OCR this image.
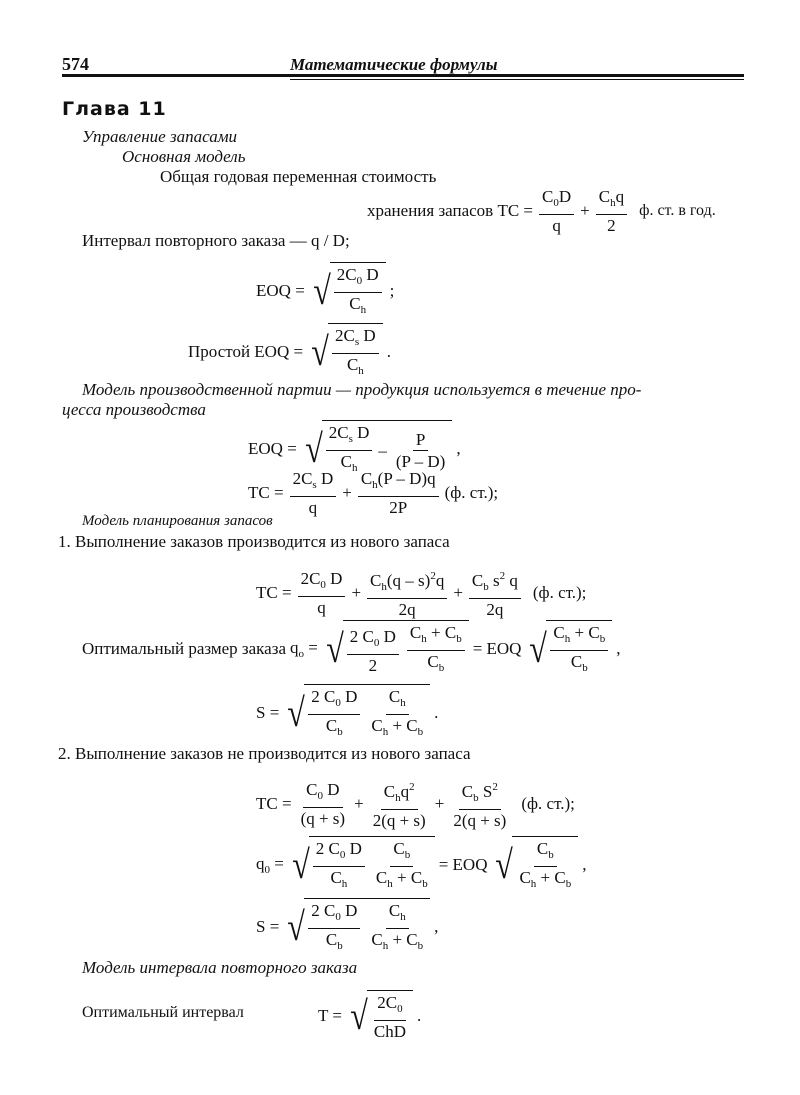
574	Математические формулы
Глава 11
Управление запасами
Основная модель
Общая годовая переменная стоимость
хранения запасов TC = $\frac{C_0D}{q} + \frac{C_hq}{2} ф$. ст. в год.
Интервал повторного заказа — q / D;
EOQ = √ $\frac{2C_0 D}{C_h}$ ;
Простой EOQ = √ $\frac{2C_s D}{C_h}$ .
Модель производственной партии — продукция используется в течение про-
цесса производства
EOQ = √ $\frac{2C_s D}{C_h} - \frac{P}{(P - D)}$ ,
TC = $\frac{2C_s D}{q} + \frac{C_h(P - D)q}{2P} (ф$. ст.);
Модель планирования запасов
1. Выполнение заказов производится из нового запаса
TC = $\frac{2C_0 D}{q} + \frac{C_h(q - s)^2q}{2q} + \frac{C_b s^2 q}{2q} (ф$. ст.);
Оптимальный размер заказа $q_o$ = √ $\frac{2 C_0 D}{2} \frac{C_h + C_b}{C_b}$ = EOQ √ $\frac{C_h + C_b}{C_b}$ ,
S = √ $\frac{2 C_0 D}{C_b} \frac{C_h}{C_h + C_b}$ .
2. Выполнение заказов не производится из нового запаса
TC = $\frac{C_0 D}{(q + s)} + \frac{C_hq^2}{2(q + s)} + \frac{C_b S^2}{2(q + s)} (ф$. ст.);
$q_0$ = √ $\frac{2 C_0 D}{C_h} \frac{C_b}{C_h + C_b}$ = EOQ √ $\frac{C_b}{C_h + C_b}$ ,
S = √ $\frac{2 C_0 D}{C_b} \frac{C_h}{C_h + C_b}$ ,
Модель интервала повторного заказа
Оптимальный интервал	T = √ $\frac{2C_0}{\text{ChD}}$ .
